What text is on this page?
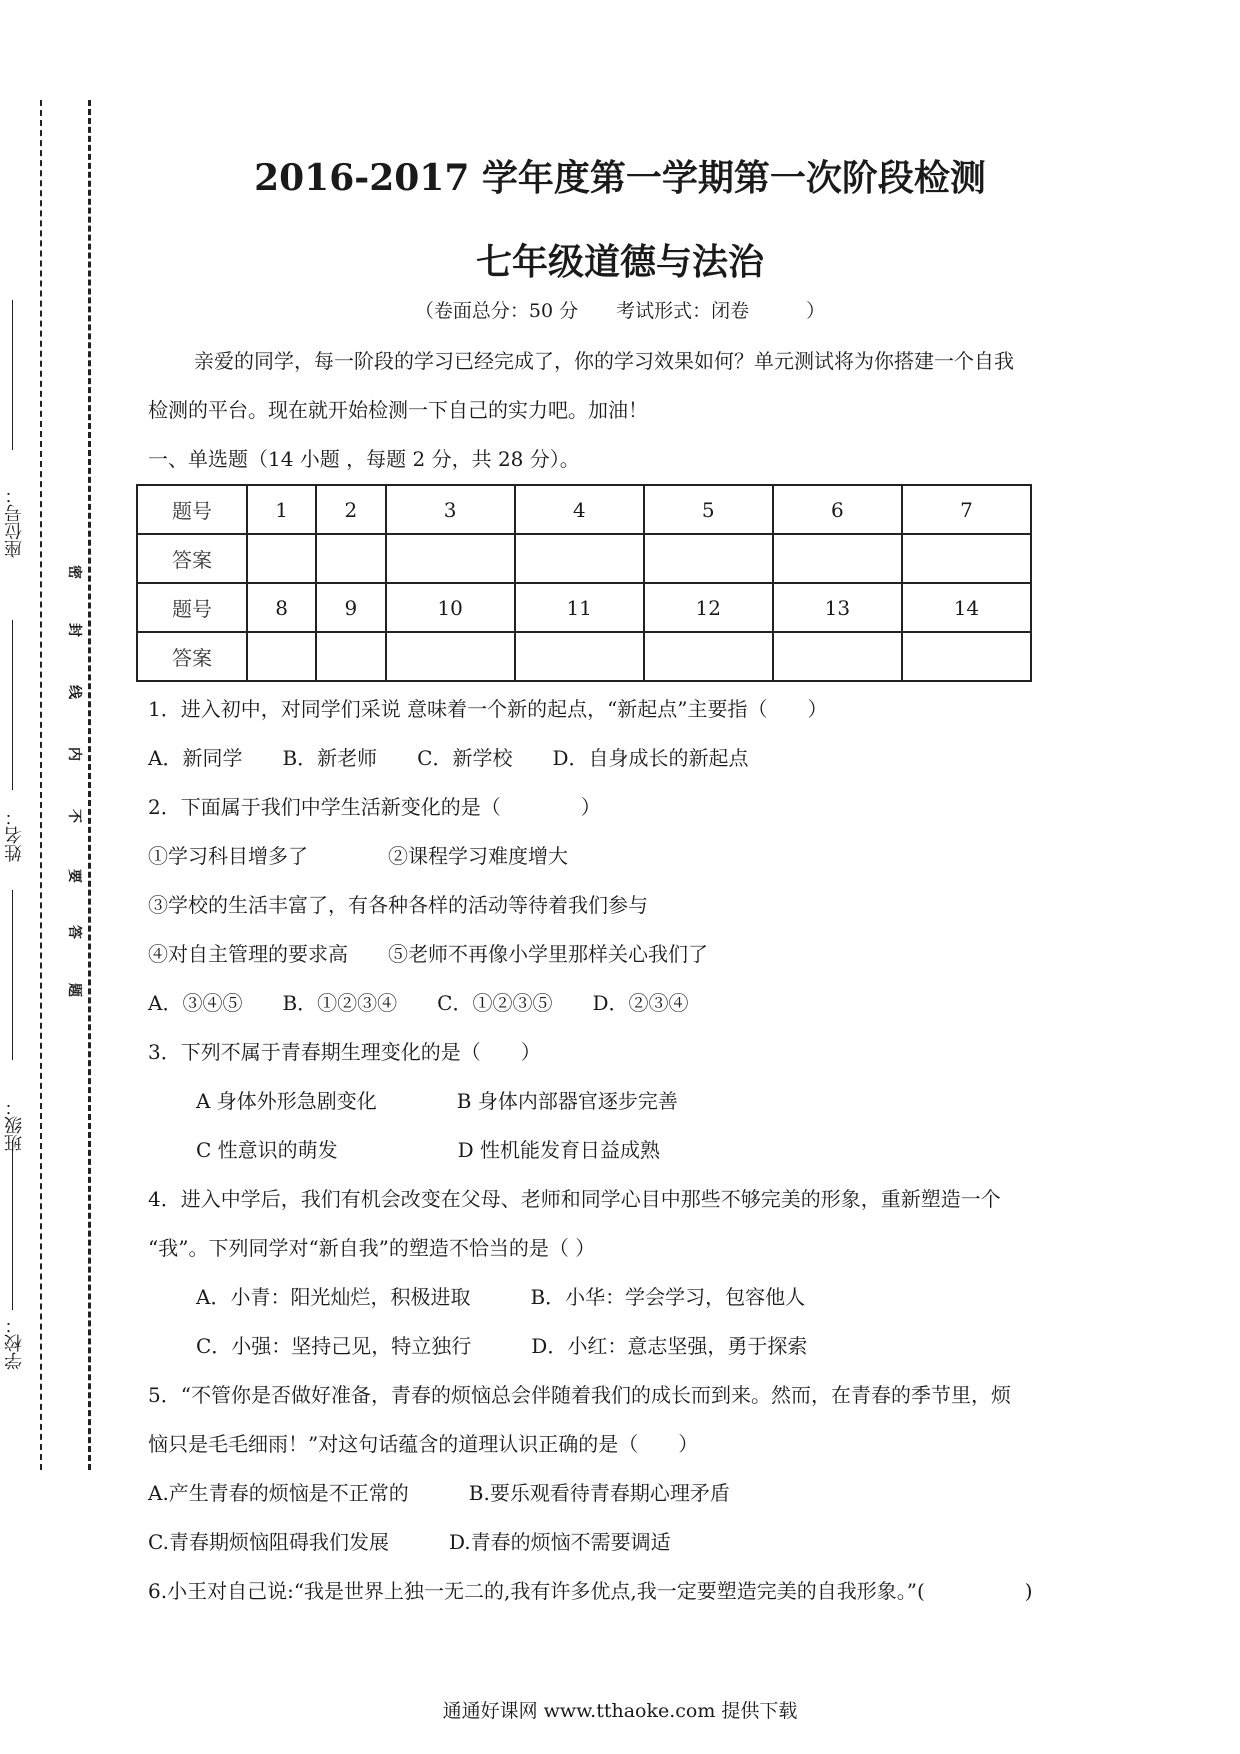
座位号：
姓名：
班级：
学校：
密
封
线
内
不
要
答
题
2016-2017 学年度第一学期第一次阶段检测
七年级道德与法治
（卷面总分：50 分　　考试形式：闭卷　　　）
亲爱的同学，每一阶段的学习已经完成了，你的学习效果如何？单元测试将为你搭建一个自我
检测的平台。现在就开始检测一下自己的实力吧。加油！
一、单选题（14 小题 ，每题 2 分，共 28 分）。
题号	1	2	3	4	5	6	7
答案							
题号	8	9	10	11	12	13	14
答案							
1．进入初中，对同学们采说 意味着一个新的起点，“新起点”主要指（　　）
A．新同学　　B．新老师　　C．新学校　　D．自身成长的新起点
2．下面属于我们中学生活新变化的是（　　　　）
①学习科目增多了　　　　②课程学习难度增大
③学校的生活丰富了，有各种各样的活动等待着我们参与
④对自主管理的要求高　　⑤老师不再像小学里那样关心我们了
A．③④⑤　　B．①②③④　　C．①②③⑤　　D．②③④
3．下列不属于青春期生理变化的是（　　）
A 身体外形急剧变化　　　　B 身体内部器官逐步完善
C 性意识的萌发　　　　　　D 性机能发育日益成熟
4．进入中学后，我们有机会改变在父母、老师和同学心目中那些不够完美的形象，重新塑造一个
“我”。下列同学对“新自我”的塑造不恰当的是（ ）
A．小青：阳光灿烂，积极进取　　　B．小华：学会学习，包容他人
C．小强：坚持己见，特立独行　　　D．小红：意志坚强，勇于探索
5．“不管你是否做好准备，青春的烦恼总会伴随着我们的成长而到来。然而，在青春的季节里，烦
恼只是毛毛细雨！”对这句话蕴含的道理认识正确的是（　　）
A.产生青春的烦恼是不正常的　　　B.要乐观看待青春期心理矛盾
C.青春期烦恼阻碍我们发展　　　D.青春的烦恼不需要调适
6.小王对自己说:“我是世界上独一无二的,我有许多优点,我一定要塑造完美的自我形象。”(　　　　　)
通通好课网 www.tthaoke.com 提供下载
